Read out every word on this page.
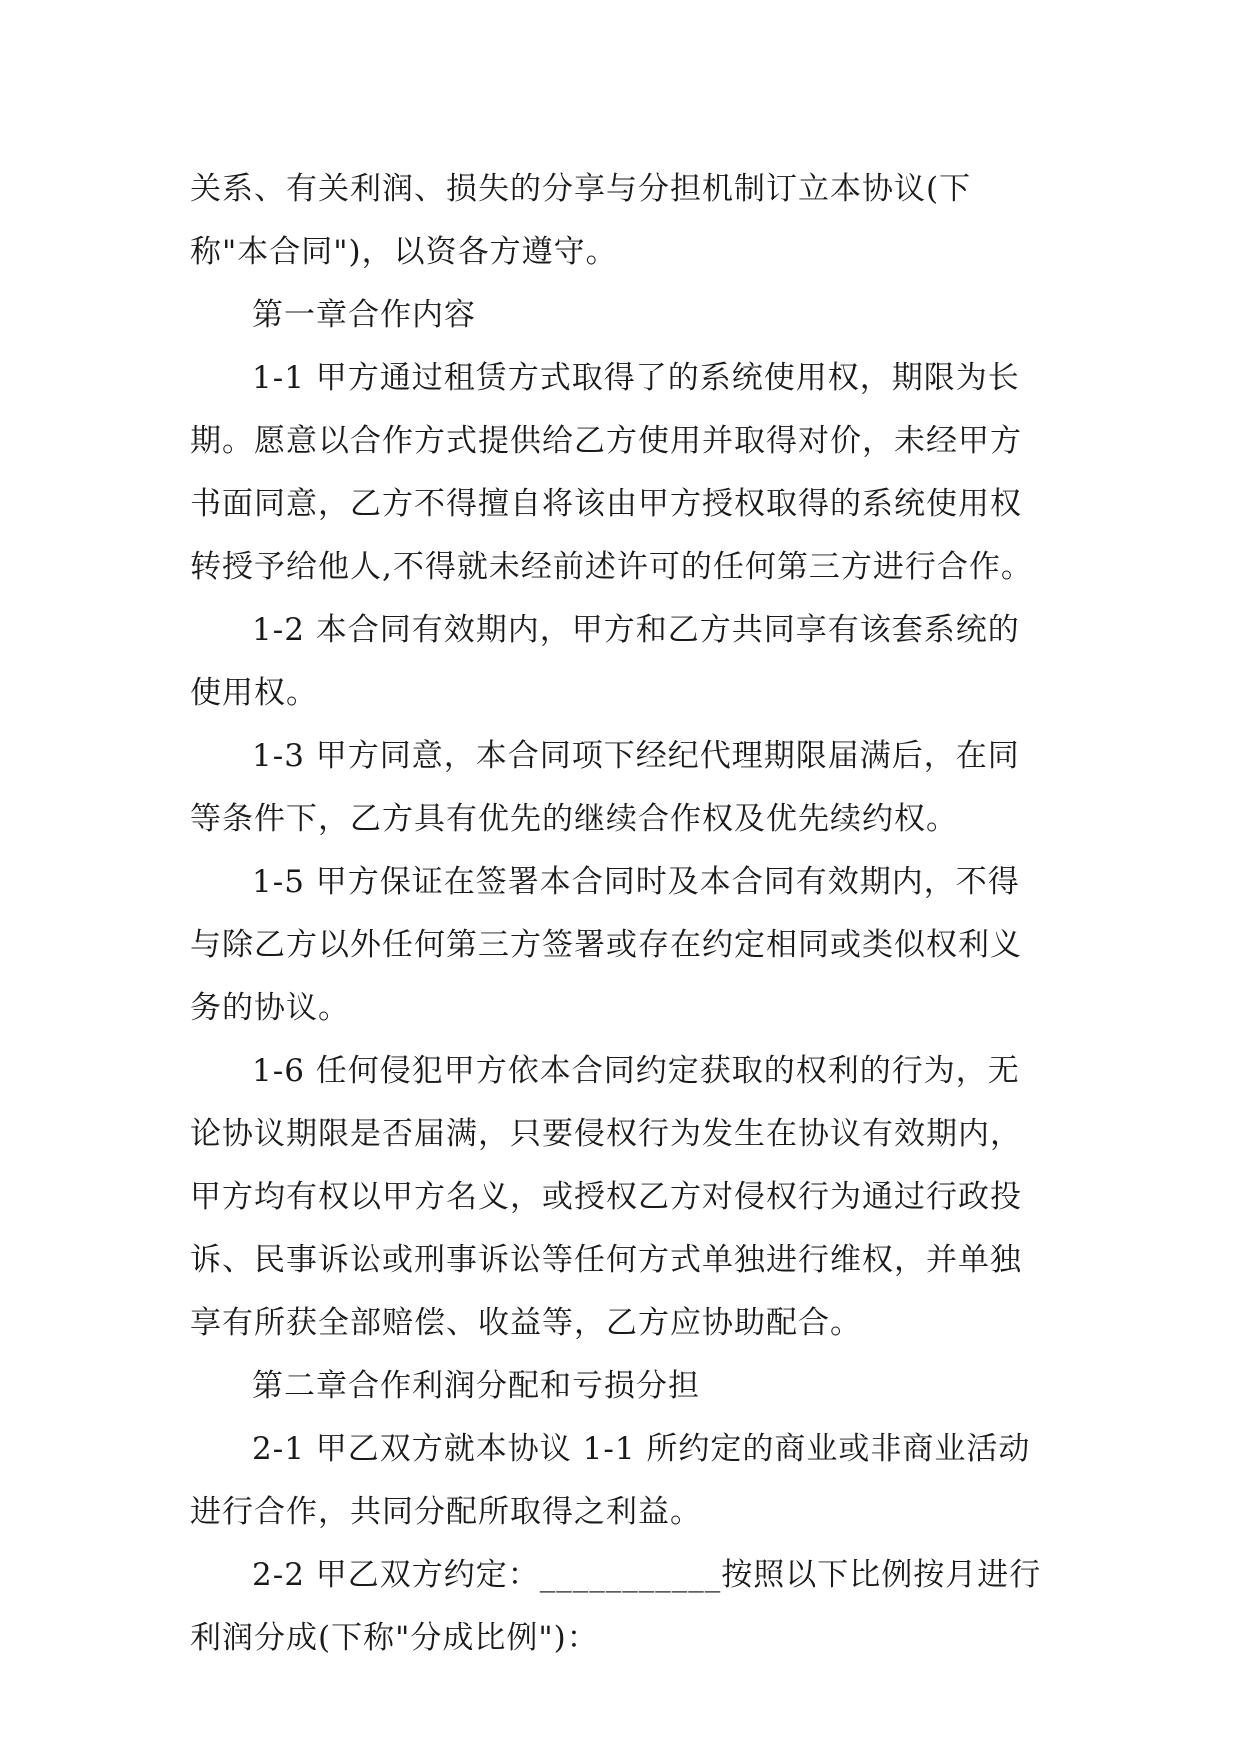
关系、有关利润、损失的分享与分担机制订立本协议(下称"本合同")，以资各方遵守。

第一章合作内容

1-1 甲方通过租赁方式取得了的系统使用权，期限为长期。愿意以合作方式提供给乙方使用并取得对价，未经甲方书面同意，乙方不得擅自将该由甲方授权取得的系统使用权转授予给他人,不得就未经前述许可的任何第三方进行合作。

1-2 本合同有效期内，甲方和乙方共同享有该套系统的使用权。

1-3 甲方同意，本合同项下经纪代理期限届满后，在同等条件下，乙方具有优先的继续合作权及优先续约权。

1-5 甲方保证在签署本合同时及本合同有效期内，不得与除乙方以外任何第三方签署或存在约定相同或类似权利义务的协议。

1-6 任何侵犯甲方依本合同约定获取的权利的行为，无论协议期限是否届满，只要侵权行为发生在协议有效期内，甲方均有权以甲方名义，或授权乙方对侵权行为通过行政投诉、民事诉讼或刑事诉讼等任何方式单独进行维权，并单独享有所获全部赔偿、收益等，乙方应协助配合。

第二章合作利润分配和亏损分担

2-1 甲乙双方就本协议 1-1 所约定的商业或非商业活动进行合作，共同分配所取得之利益。

2-2 甲乙双方约定：___________按照以下比例按月进行利润分成(下称"分成比例")：
